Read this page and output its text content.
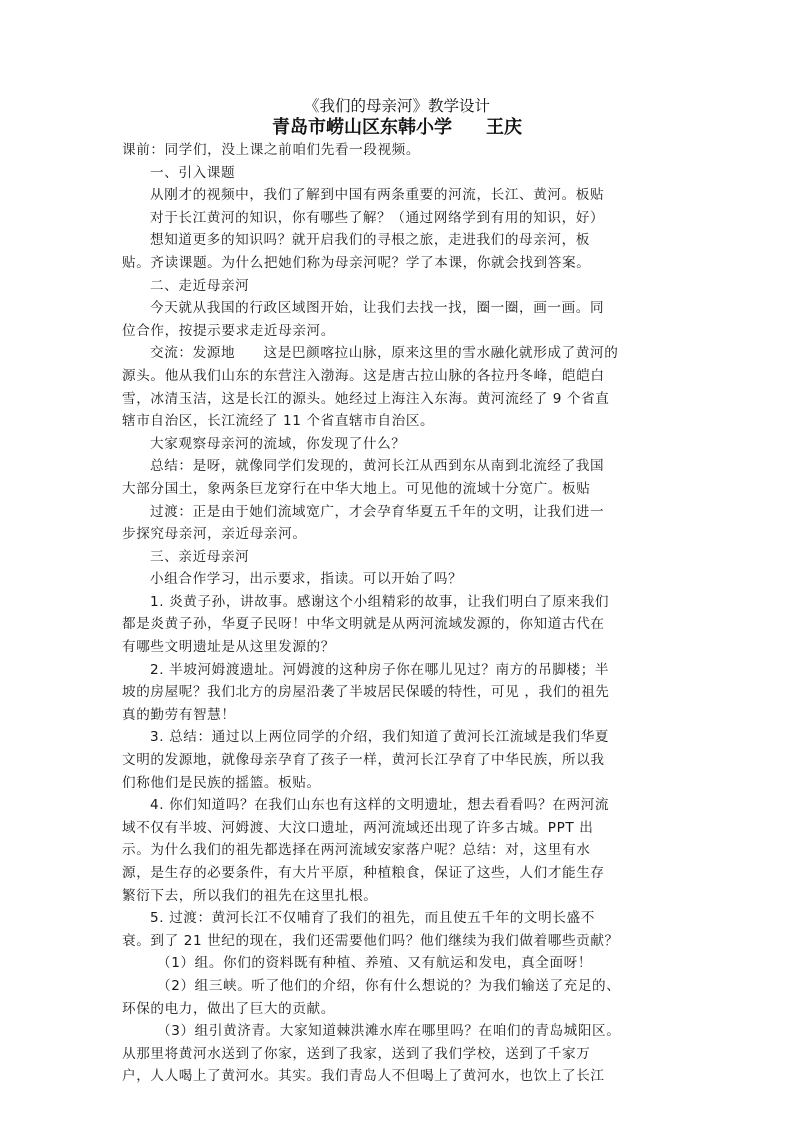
《我们的母亲河》教学设计
青岛市崂山区东韩小学 王庆
课前：同学们，没上课之前咱们先看一段视频。
一、引入课题
从刚才的视频中，我们了解到中国有两条重要的河流，长江、黄河。板贴
对于长江黄河的知识，你有哪些了解？（通过网络学到有用的知识，好）
想知道更多的知识吗？就开启我们的寻根之旅，走进我们的母亲河，板
贴。齐读课题。为什么把她们称为母亲河呢？学了本课，你就会找到答案。
二、走近母亲河
今天就从我国的行政区域图开始，让我们去找一找，圈一圈，画一画。同
位合作，按提示要求走近母亲河。
交流：发源地　　这是巴颜喀拉山脉，原来这里的雪水融化就形成了黄河的
源头。他从我们山东的东营注入渤海。这是唐古拉山脉的各拉丹冬峰，皑皑白
雪，冰清玉洁，这是长江的源头。她经过上海注入东海。黄河流经了 9 个省直
辖市自治区，长江流经了 11 个省直辖市自治区。
大家观察母亲河的流域，你发现了什么？
总结：是呀，就像同学们发现的，黄河长江从西到东从南到北流经了我国
大部分国土，象两条巨龙穿行在中华大地上。可见他的流域十分宽广。板贴
过渡：正是由于她们流域宽广，才会孕育华夏五千年的文明，让我们进一
步探究母亲河，亲近母亲河。
三、亲近母亲河
小组合作学习，出示要求，指读。可以开始了吗？
1. 炎黄子孙，讲故事。感谢这个小组精彩的故事，让我们明白了原来我们
都是炎黄子孙，华夏子民呀！中华文明就是从两河流域发源的，你知道古代在
有哪些文明遗址是从这里发源的？
2. 半坡河姆渡遗址。河姆渡的这种房子你在哪儿见过？南方的吊脚楼；半
坡的房屋呢？我们北方的房屋沿袭了半坡居民保暖的特性，可见 ，我们的祖先
真的勤劳有智慧！
3. 总结：通过以上两位同学的介绍，我们知道了黄河长江流域是我们华夏
文明的发源地，就像母亲孕育了孩子一样，黄河长江孕育了中华民族，所以我
们称他们是民族的摇篮。板贴。
4. 你们知道吗？在我们山东也有这样的文明遗址，想去看看吗？在两河流
域不仅有半坡、河姆渡、大汶口遗址，两河流域还出现了许多古城。PPT 出
示。为什么我们的祖先都选择在两河流域安家落户呢？总结：对，这里有水
源，是生存的必要条件，有大片平原，种植粮食，保证了这些，人们才能生存
繁衍下去，所以我们的祖先在这里扎根。
5. 过渡：黄河长江不仅哺育了我们的祖先，而且使五千年的文明长盛不
衰。到了 21 世纪的现在，我们还需要他们吗？他们继续为我们做着哪些贡献？
（1）组。你们的资料既有种植、养殖、又有航运和发电，真全面呀！
（2）组三峡。听了他们的介绍，你有什么想说的？为我们输送了充足的、
环保的电力，做出了巨大的贡献。
（3）组引黄济青。大家知道棘洪滩水库在哪里吗？在咱们的青岛城阳区。
从那里将黄河水送到了你家，送到了我家，送到了我们学校，送到了千家万
户，人人喝上了黄河水。其实。我们青岛人不但喝上了黄河水，也饮上了长江
